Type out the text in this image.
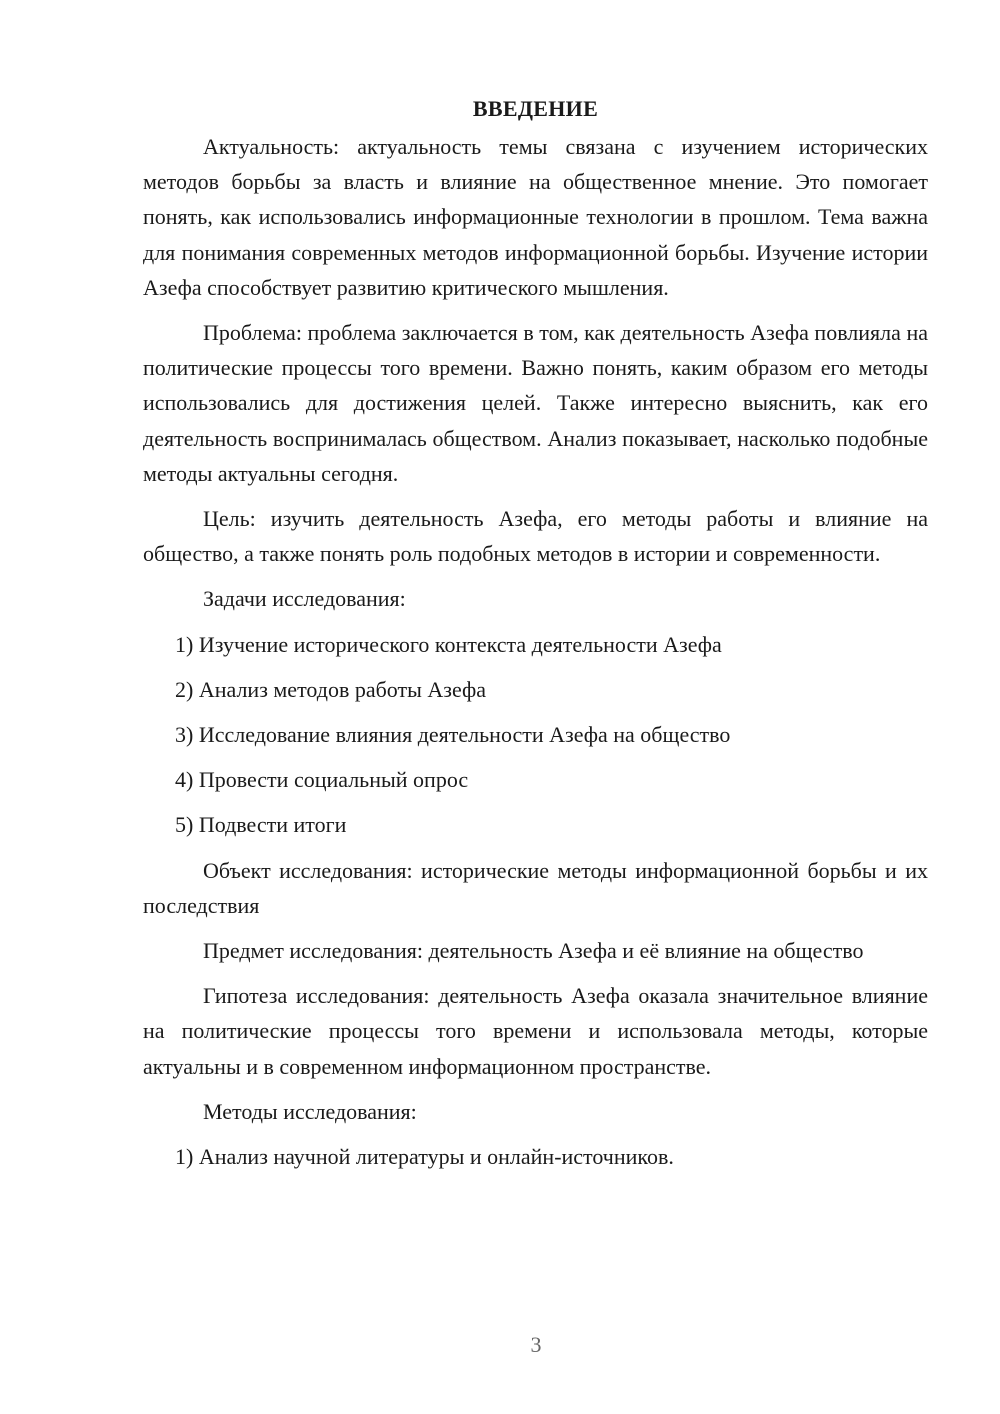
ВВЕДЕНИЕ

Актуальность: актуальность темы связана с изучением исторических методов борьбы за власть и влияние на общественное мнение. Это помогает понять, как использовались информационные технологии в прошлом. Тема важна для понимания современных методов информационной борьбы. Изучение истории Азефа способствует развитию критического мышления.

Проблема: проблема заключается в том, как деятельность Азефа повлияла на политические процессы того времени. Важно понять, каким образом его методы использовались для достижения целей. Также интересно выяснить, как его деятельность воспринималась обществом. Анализ показывает, насколько подобные методы актуальны сегодня.

Цель: изучить деятельность Азефа, его методы работы и влияние на общество, а также понять роль подобных методов в истории и современности.

Задачи исследования:

1) Изучение исторического контекста деятельности Азефа

2) Анализ методов работы Азефа

3) Исследование влияния деятельности Азефа на общество

4) Провести социальный опрос

5) Подвести итоги

Объект исследования: исторические методы информационной борьбы и их последствия

Предмет исследования: деятельность Азефа и её влияние на общество

Гипотеза исследования: деятельность Азефа оказала значительное влияние на политические процессы того времени и использовала методы, которые актуальны и в современном информационном пространстве.

Методы исследования:

1) Анализ научной литературы и онлайн-источников.

3
